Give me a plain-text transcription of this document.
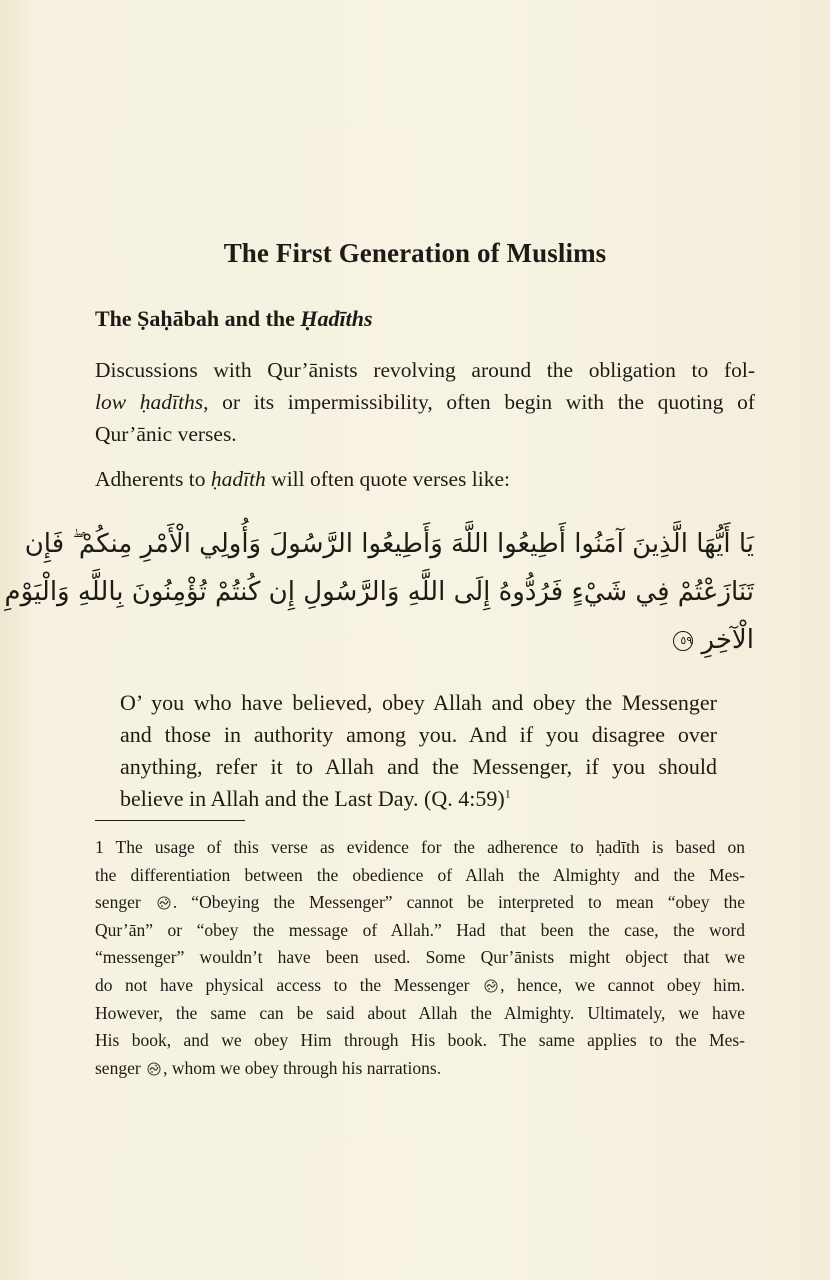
The First Generation of Muslims
The Ṣaḥābah and the Ḥadīths

Discussions with Qur’ānists revolving around the obligation to fol-
low ḥadīths, or its impermissibility, often begin with the quoting of
Qur’ānic verses.

Adherents to ḥadīth will often quote verses like:

يَا أَيُّهَا الَّذِينَ آمَنُوا أَطِيعُوا اللَّهَ وَأَطِيعُوا الرَّسُولَ وَأُولِي الْأَمْرِ مِنكُمْ ۖ فَإِن
تَنَازَعْتُمْ فِي شَيْءٍ فَرُدُّوهُ إِلَى اللَّهِ وَالرَّسُولِ إِن كُنتُمْ تُؤْمِنُونَ بِاللَّهِ وَالْيَوْمِ
الْآخِرِ ٥٩

O’ you who have believed, obey Allah and obey the Messenger
and those in authority among you. And if you disagree over
anything, refer it to Allah and the Messenger, if you should
believe in Allah and the Last Day. (Q. 4:59)$^1$

1 The usage of this verse as evidence for the adherence to ḥadīth is based on
the differentiation between the obedience of Allah the Almighty and the Mes-
senger . “Obeying the Messenger” cannot be interpreted to mean “obey the
Qur’ān” or “obey the message of Allah.” Had that been the case, the word
“messenger” wouldn’t have been used. Some Qur’ānists might object that we
do not have physical access to the Messenger , hence, we cannot obey him.
However, the same can be said about Allah the Almighty. Ultimately, we have
His book, and we obey Him through His book. The same applies to the Mes-
senger , whom we obey through his narrations.
